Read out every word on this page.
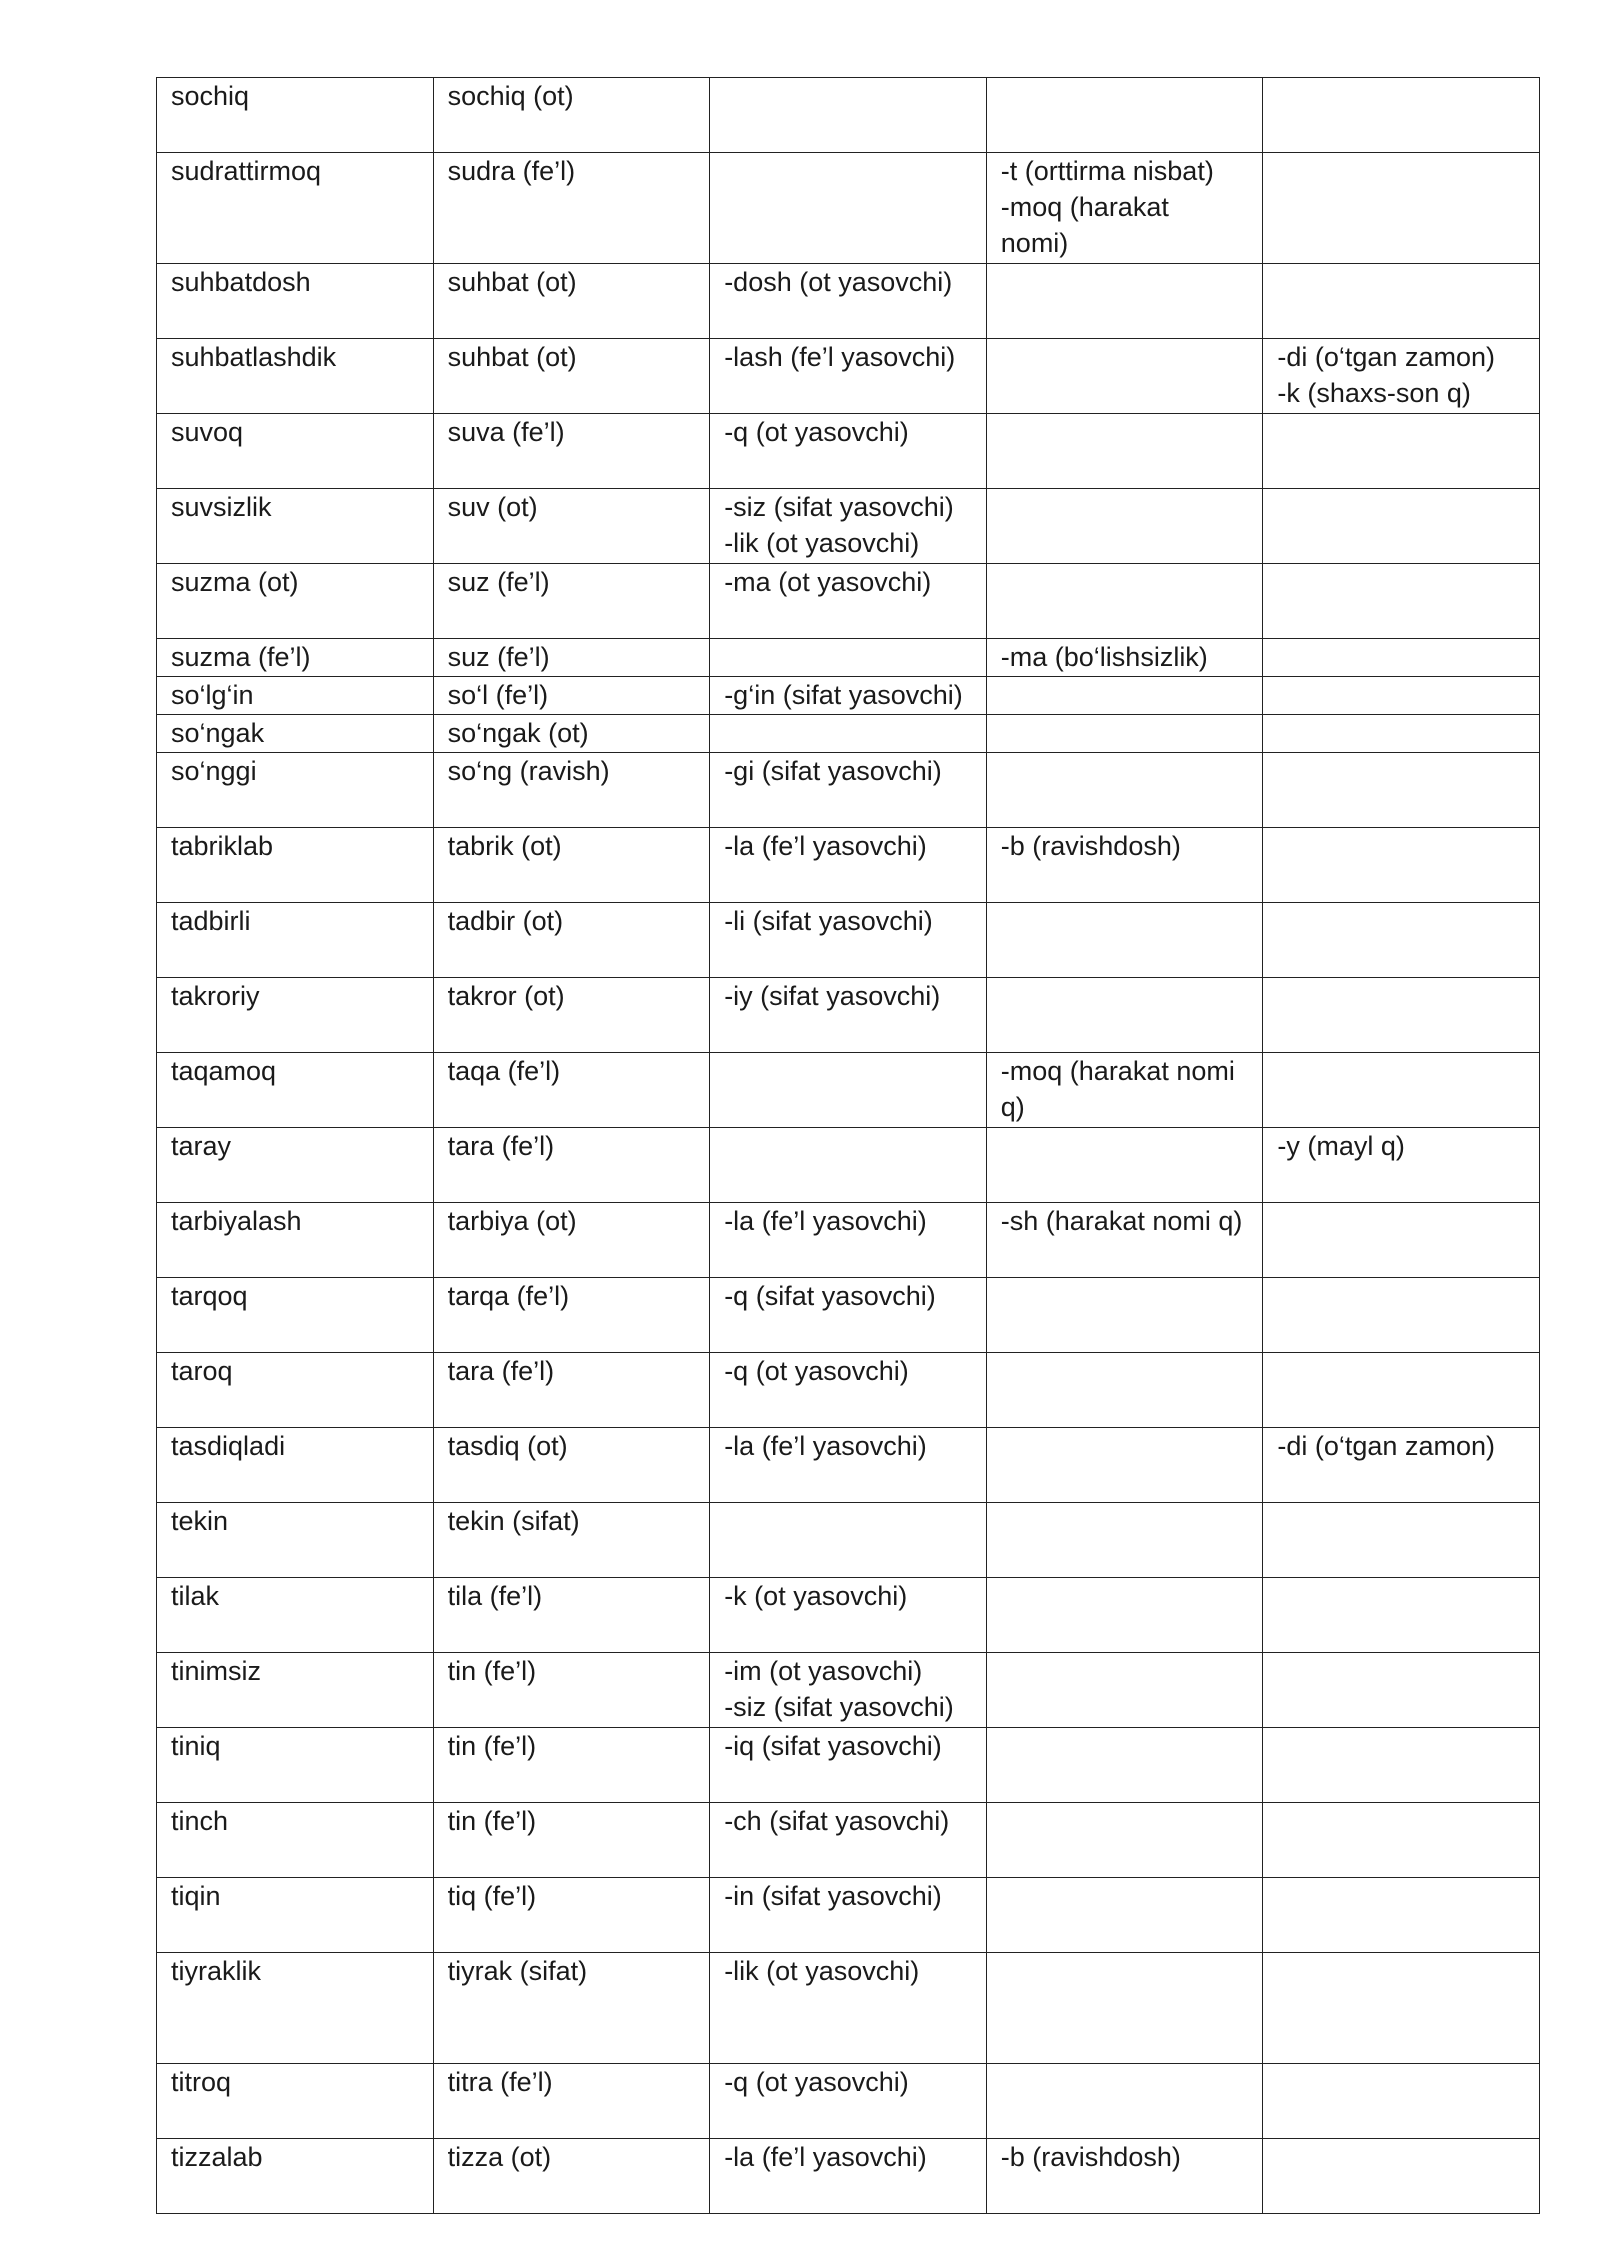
sochiq	sochiq (ot)			

sudrattirmoq	sudra (fe’l)		-t (orttirma nisbat)
-moq (harakat
nomi)	

suhbatdosh	suhbat (ot)	-dosh (ot yasovchi)		

suhbatlashdik	suhbat (ot)	-lash (fe’l yasovchi)		-di (o‘tgan zamon)
-k (shaxs-son q)

suvoq	suva (fe’l)	-q (ot yasovchi)		

suvsizlik	suv (ot)	-siz (sifat yasovchi)
-lik (ot yasovchi)		

suzma (ot)	suz (fe’l)	-ma (ot yasovchi)		

suzma (fe’l)	suz (fe’l)		-ma (bo‘lishsizlik)	

so‘lg‘in	so‘l (fe’l)	-g‘in (sifat yasovchi)		

so‘ngak	so‘ngak (ot)			

so‘nggi	so‘ng (ravish)	-gi (sifat yasovchi)		

tabriklab	tabrik (ot)	-la (fe’l yasovchi)	-b (ravishdosh)	

tadbirli	tadbir (ot)	-li (sifat yasovchi)		

takroriy	takror (ot)	-iy (sifat yasovchi)		

taqamoq	taqa (fe’l)		-moq (harakat nomi
q)	

taray	tara (fe’l)			-y (mayl q)

tarbiyalash	tarbiya (ot)	-la (fe’l yasovchi)	-sh (harakat nomi q)	

tarqoq	tarqa (fe’l)	-q (sifat yasovchi)		

taroq	tara (fe’l)	-q (ot yasovchi)		

tasdiqladi	tasdiq (ot)	-la (fe’l yasovchi)		-di (o‘tgan zamon)

tekin	tekin (sifat)			

tilak	tila (fe’l)	-k (ot yasovchi)		

tinimsiz	tin (fe’l)	-im (ot yasovchi)
-siz (sifat yasovchi)		

tiniq	tin (fe’l)	-iq (sifat yasovchi)		

tinch	tin (fe’l)	-ch (sifat yasovchi)		

tiqin	tiq (fe’l)	-in (sifat yasovchi)		

tiyraklik	tiyrak (sifat)	-lik (ot yasovchi)		

titroq	titra (fe’l)	-q (ot yasovchi)		

tizzalab	tizza (ot)	-la (fe’l yasovchi)	-b (ravishdosh)	
